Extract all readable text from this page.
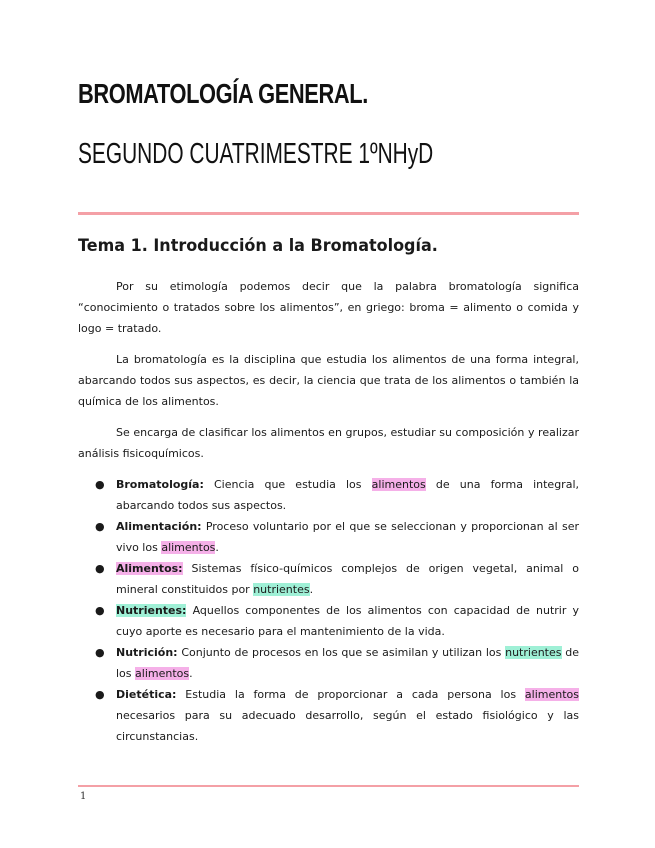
BROMATOLOGÍA GENERAL.
SEGUNDO CUATRIMESTRE 1ºNHyD
Tema 1. Introducción a la Bromatología.

Por su etimología podemos decir que la palabra bromatología significa “conocimiento o tratados sobre los alimentos”, en griego: broma = alimento o comida y logo = tratado.

La bromatología es la disciplina que estudia los alimentos de una forma integral, abarcando todos sus aspectos, es decir, la ciencia que trata de los alimentos o también la química de los alimentos.

Se encarga de clasificar los alimentos en grupos, estudiar su composición y realizar análisis fisicoquímicos.

● Bromatología: Ciencia que estudia los alimentos de una forma integral, abarcando todos sus aspectos.
● Alimentación: Proceso voluntario por el que se seleccionan y proporcionan al ser vivo los alimentos.
● Alimentos: Sistemas físico-químicos complejos de origen vegetal, animal o mineral constituidos por nutrientes.
● Nutrientes: Aquellos componentes de los alimentos con capacidad de nutrir y cuyo aporte es necesario para el mantenimiento de la vida.
● Nutrición: Conjunto de procesos en los que se asimilan y utilizan los nutrientes de los alimentos.
● Dietética: Estudia la forma de proporcionar a cada persona los alimentos necesarios para su adecuado desarrollo, según el estado fisiológico y las circunstancias.
1
